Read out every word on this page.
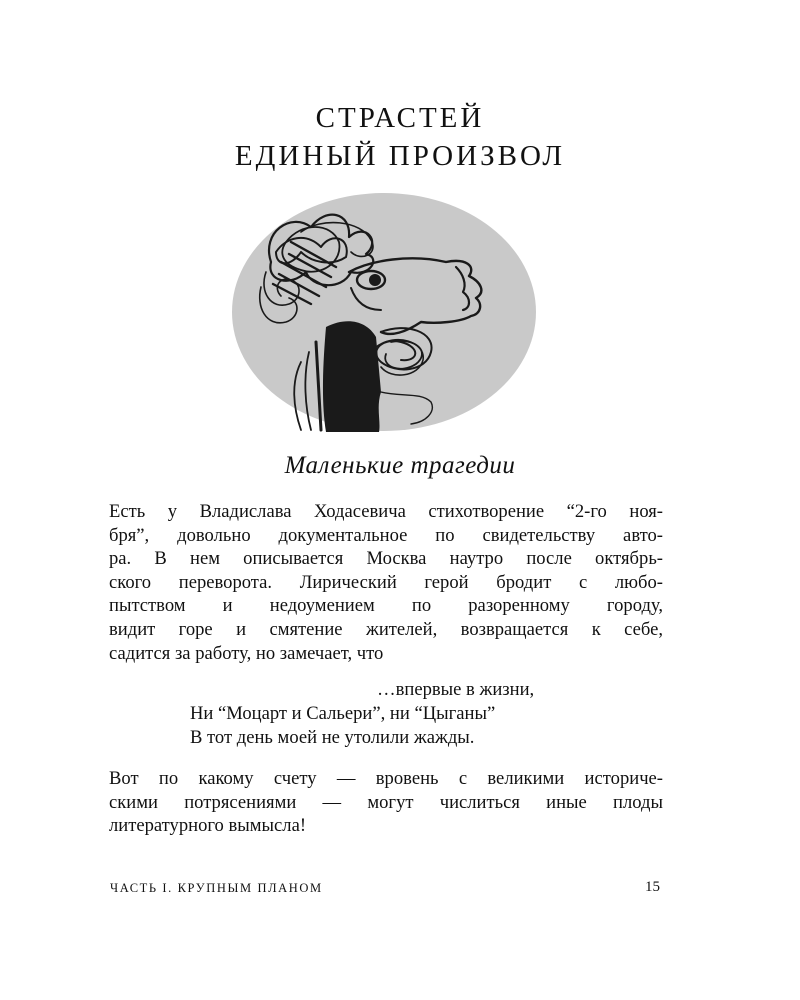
СТРАСТЕЙ
ЕДИНЫЙ ПРОИЗВОЛ
Маленькие трагедии
Есть у Владислава Ходасевича стихотворение “2-го ноя-
бря”, довольно документальное по свидетельству авто-
ра. В нем описывается Москва наутро после октябрь-
ского переворота. Лирический герой бродит с любо-
пытством и недоумением по разоренному городу,
видит горе и смятение жителей, возвращается к себе,
садится за работу, но замечает, что
…впервые в жизни,
Ни “Моцарт и Сальери”, ни “Цыганы”
В тот день моей не утолили жажды.
Вот по какому счету — вровень с великими историче-
скими потрясениями — могут числиться иные плоды
литературного вымысла!
ЧАСТЬ I. КРУПНЫМ ПЛАНОМ	15
